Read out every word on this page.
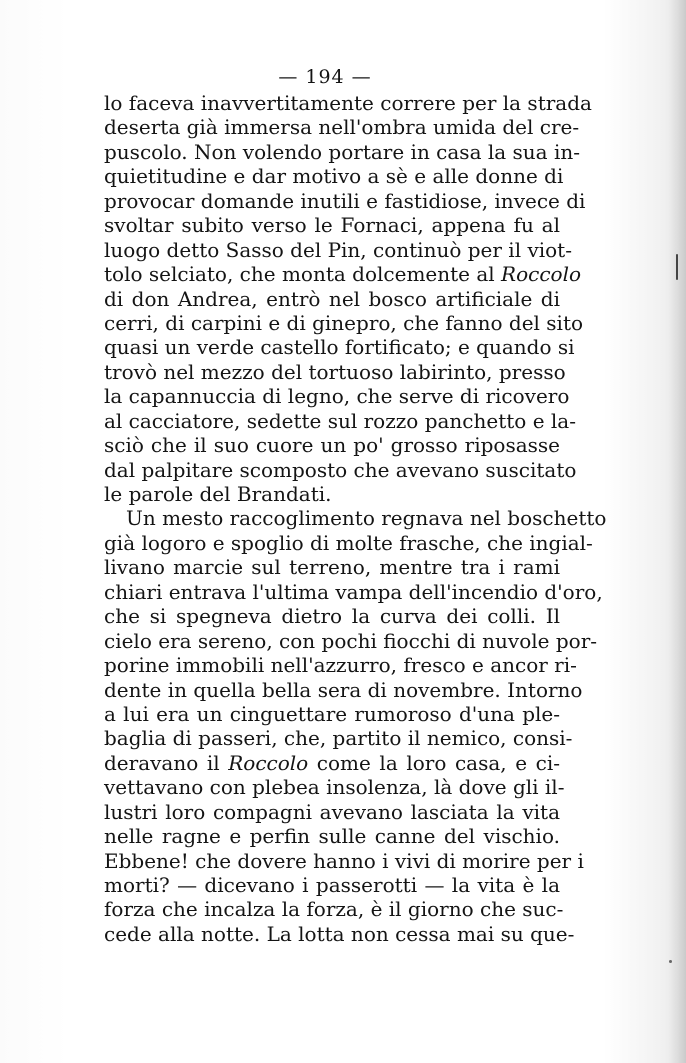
— 194 —
lo faceva inavvertitamente correre per la strada
deserta già immersa nell'ombra umida del cre-
puscolo. Non volendo portare in casa la sua in-
quietitudine e dar motivo a sè e alle donne di
provocar domande inutili e fastidiose, invece di
svoltar subito verso le Fornaci, appena fu al
luogo detto Sasso del Pin, continuò per il viot-
tolo selciato, che monta dolcemente al Roccolo
di don Andrea, entrò nel bosco artificiale di
cerri, di carpini e di ginepro, che fanno del sito
quasi un verde castello fortificato; e quando si
trovò nel mezzo del tortuoso labirinto, presso
la capannuccia di legno, che serve di ricovero
al cacciatore, sedette sul rozzo panchetto e la-
sciò che il suo cuore un po' grosso riposasse
dal palpitare scomposto che avevano suscitato
le parole del Brandati.
Un mesto raccoglimento regnava nel boschetto
già logoro e spoglio di molte frasche, che ingial-
livano marcie sul terreno, mentre tra i rami
chiari entrava l'ultima vampa dell'incendio d'oro,
che si spegneva dietro la curva dei colli. Il
cielo era sereno, con pochi fiocchi di nuvole por-
porine immobili nell'azzurro, fresco e ancor ri-
dente in quella bella sera di novembre. Intorno
a lui era un cinguettare rumoroso d'una ple-
baglia di passeri, che, partito il nemico, consi-
deravano il Roccolo come la loro casa, e ci-
vettavano con plebea insolenza, là dove gli il-
lustri loro compagni avevano lasciata la vita
nelle ragne e perfin sulle canne del vischio.
Ebbene! che dovere hanno i vivi di morire per i
morti? — dicevano i passerotti — la vita è la
forza che incalza la forza, è il giorno che suc-
cede alla notte. La lotta non cessa mai su que-
